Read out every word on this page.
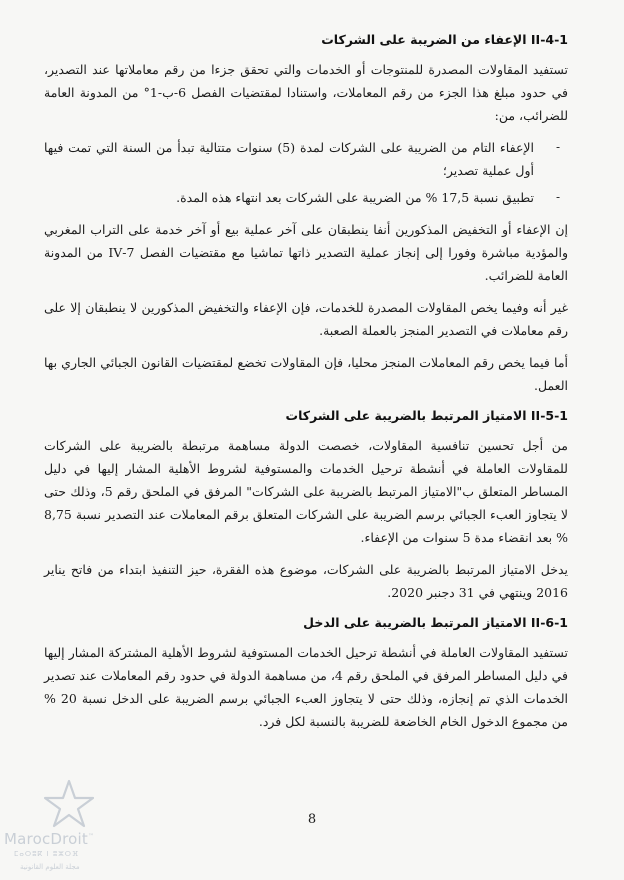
4-1-II الإعفاء من الضريبة على الشركات

تستفيد المقاولات المصدرة للمنتوجات أو الخدمات والتي تحقق جزءا من رقم معاملاتها عند التصدير، في حدود مبلغ هذا الجزء من رقم المعاملات، واستنادا لمقتضيات الفصل 6-ب-1° من المدونة العامة للضرائب، من:

-
الإعفاء التام من الضريبة على الشركات لمدة (5) سنوات متتالية تبدأ من السنة التي تمت فيها أول عملية تصدير؛
-
تطبيق نسبة 17,5 % من الضريبة على الشركات بعد انتهاء هذه المدة.

إن الإعفاء أو التخفيض المذكورين أنفا ينطبقان على آخر عملية بيع أو آخر خدمة على التراب المغربي والمؤدية مباشرة وفورا إلى إنجاز عملية التصدير ذاتها تماشيا مع مقتضيات الفصل 7-IV من المدونة العامة للضرائب.

غير أنه وفيما يخص المقاولات المصدرة للخدمات، فإن الإعفاء والتخفيض المذكورين لا ينطبقان إلا على رقم معاملات في التصدير المنجز بالعملة الصعبة.

أما فيما يخص رقم المعاملات المنجز محليا، فإن المقاولات تخضع لمقتضيات القانون الجبائي الجاري بها العمل.

5-1-II الامتياز المرتبط بالضريبة على الشركات

من أجل تحسين تنافسية المقاولات، خصصت الدولة مساهمة مرتبطة بالضريبة على الشركات للمقاولات العاملة في أنشطة ترحيل الخدمات والمستوفية لشروط الأهلية المشار إليها في دليل المساطر المتعلق ب"الامتياز المرتبط بالضريبة على الشركات" المرفق في الملحق رقم 5، وذلك حتى لا يتجاوز العبء الجبائي برسم الضريبة على الشركات المتعلق برقم المعاملات عند التصدير نسبة 8,75 % بعد انقضاء مدة 5 سنوات من الإعفاء.

يدخل الامتياز المرتبط بالضريبة على الشركات، موضوع هذه الفقرة، حيز التنفيذ ابتداء من فاتح يناير 2016 وينتهي في 31 دجنبر 2020.

6-1-II الامتياز المرتبط بالضريبة على الدخل

تستفيد المقاولات العاملة في أنشطة ترحيل الخدمات المستوفية لشروط الأهلية المشتركة المشار إليها في دليل المساطر المرفق في الملحق رقم 4، من مساهمة الدولة في حدود رقم المعاملات عند تصدير الخدمات الذي تم إنجازه، وذلك حتى لا يتجاوز العبء الجبائي برسم الضريبة على الدخل نسبة 20 % من مجموع الدخول الخام الخاضعة للضريبة بالنسبة لكل فرد.

8
MarocDroit™
ⵎⴰⵔⵓⴽ ⵏ ⵓⵣⵔⴼ
مجلة العلوم القانونية
